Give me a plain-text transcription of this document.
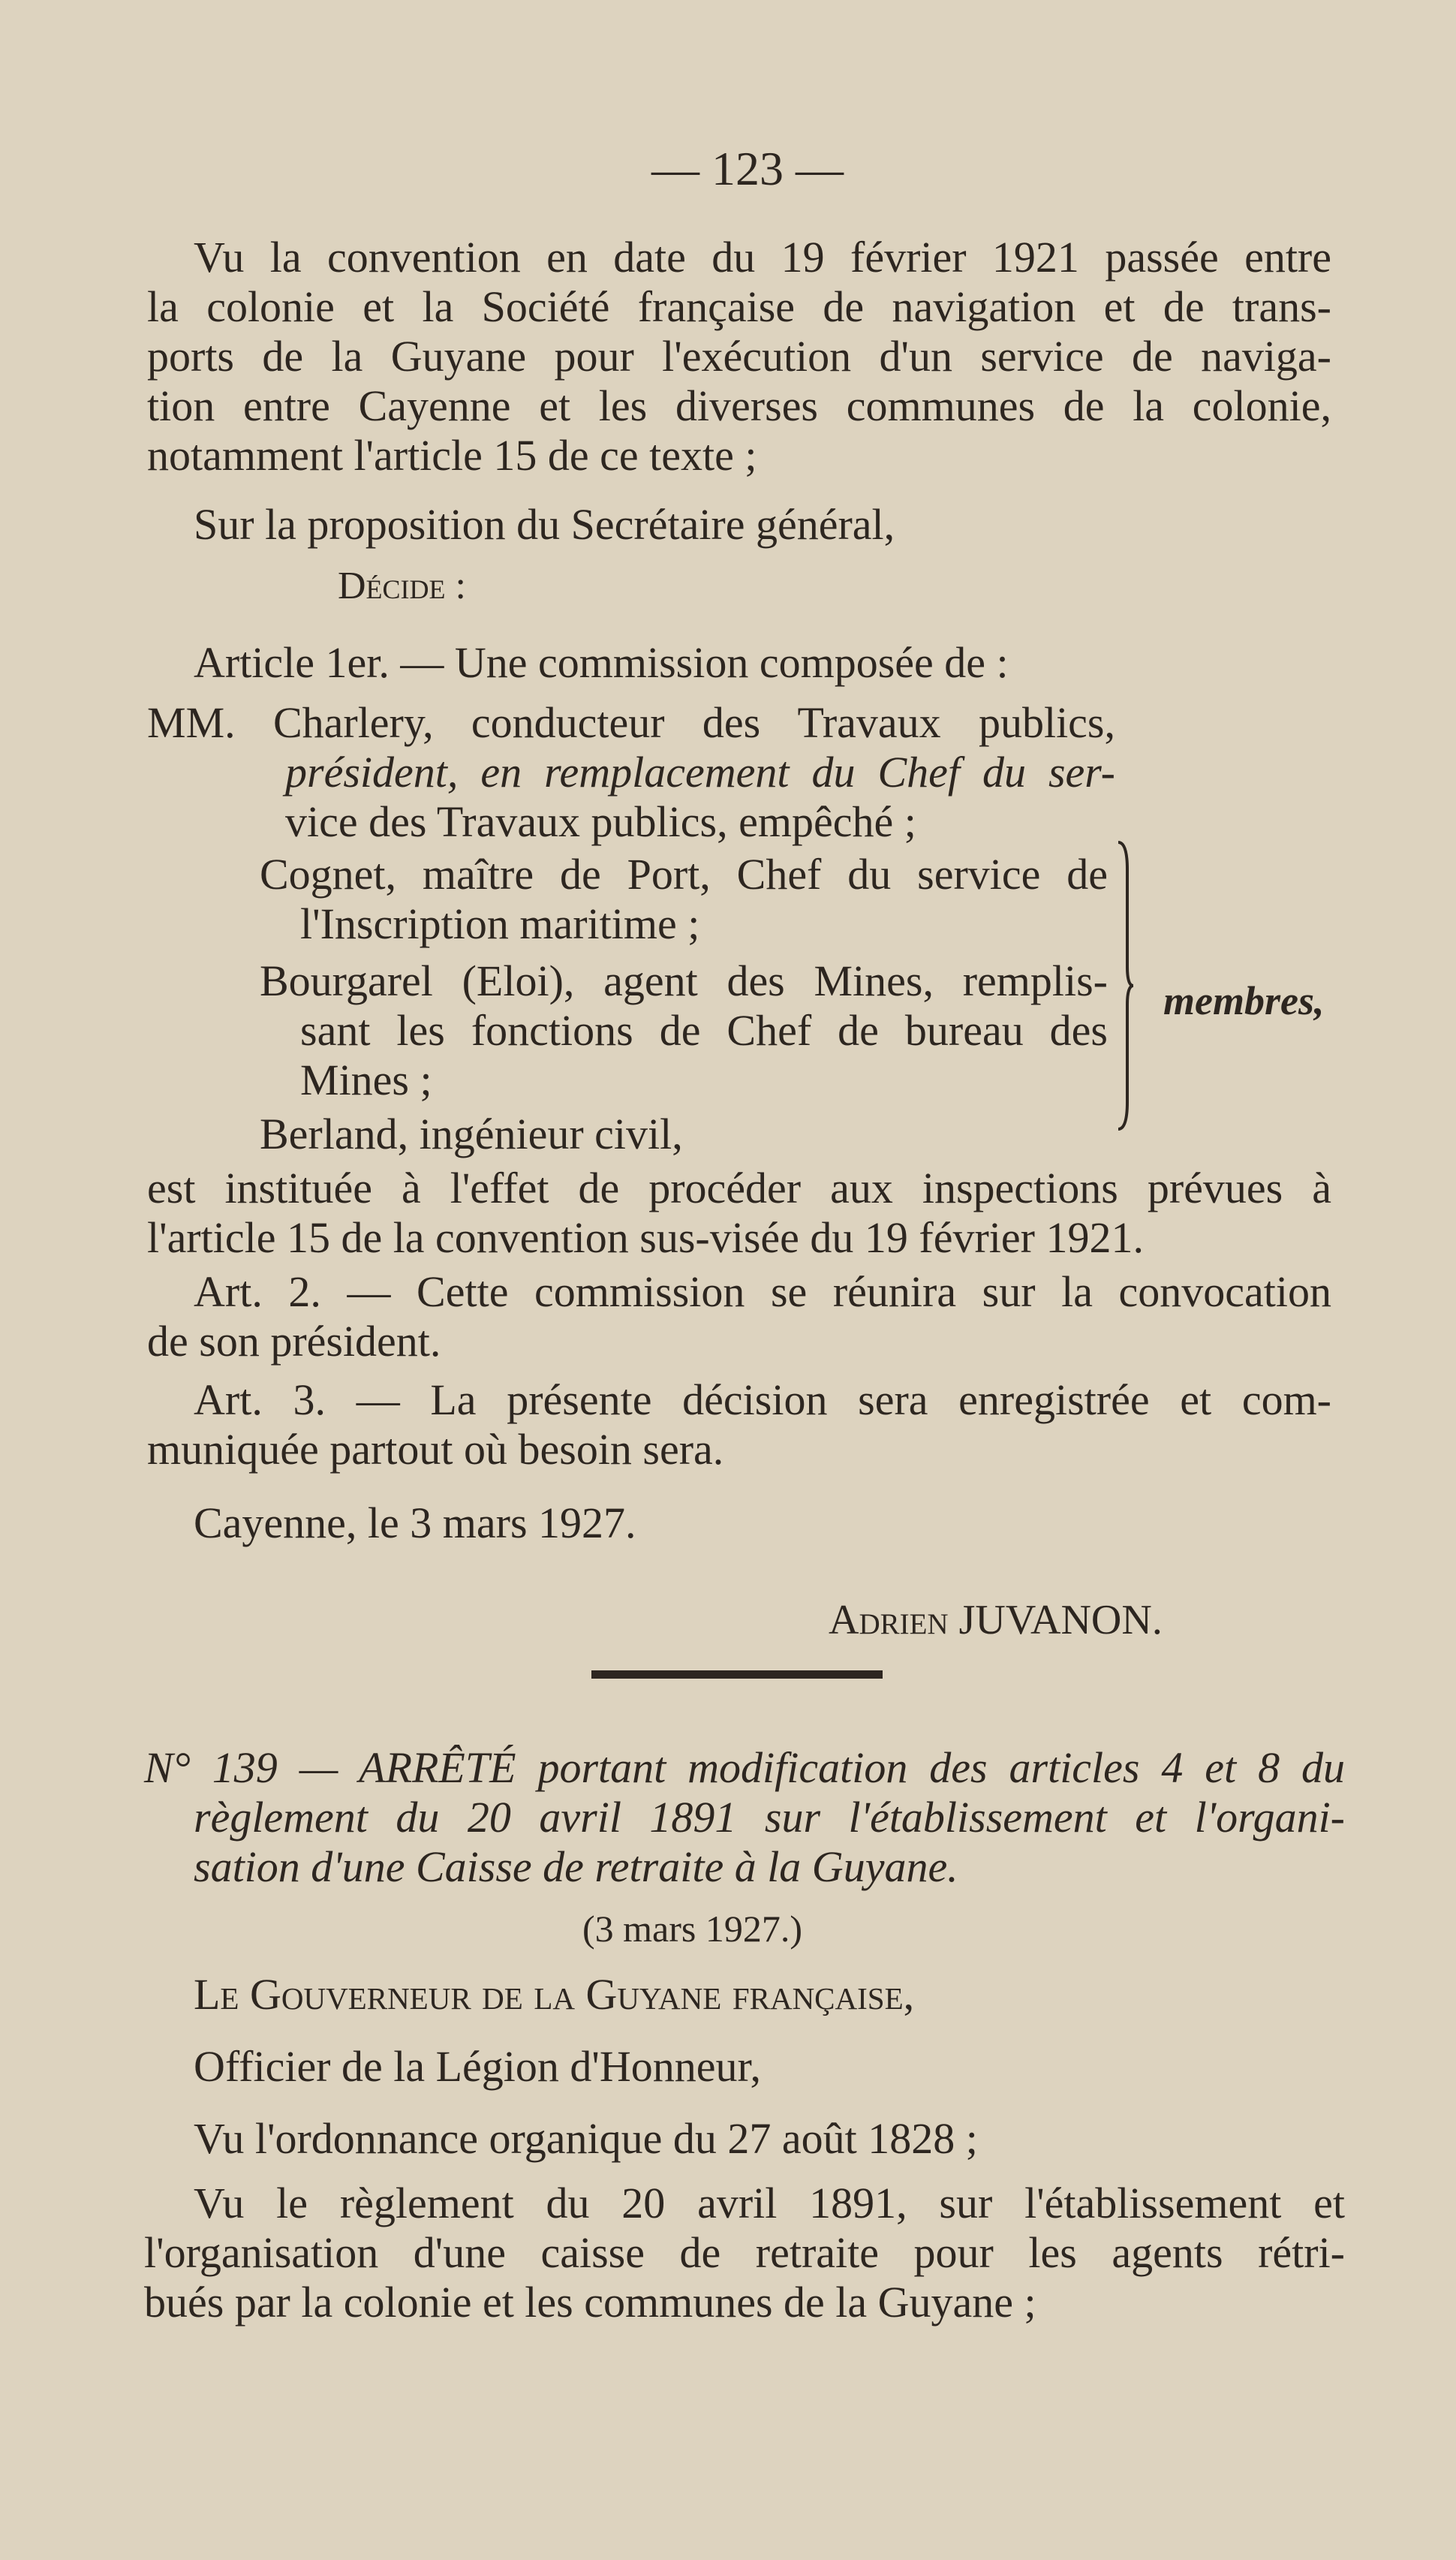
— 123 —
Vu la convention en date du 19 février 1921 passée entre
la colonie et la Société française de navigation et de trans-
ports de la Guyane pour l'exécution d'un service de naviga-
tion entre Cayenne et les diverses communes de la colonie,
notamment l'article 15 de ce texte ;
Sur la proposition du Secrétaire général,
Décide :
Article 1er. — Une commission composée de :
MM. Charlery, conducteur des Travaux publics,
président, en remplacement du Chef du ser-
vice des Travaux publics, empêché ;
Cognet, maître de Port, Chef du service de
l'Inscription maritime ;
Bourgarel (Eloi), agent des Mines, remplis-
sant les fonctions de Chef de bureau des
Mines ;
Berland, ingénieur civil,
membres,
est instituée à l'effet de procéder aux inspections prévues à
l'article 15 de la convention sus-visée du 19 février 1921.
Art. 2. — Cette commission se réunira sur la convocation
de son président.
Art. 3. — La présente décision sera enregistrée et com-
muniquée partout où besoin sera.
Cayenne, le 3 mars 1927.
Adrien JUVANON.
N° 139 — ARRÊTÉ portant modification des articles 4 et 8 du
règlement du 20 avril 1891 sur l'établissement et l'organi-
sation d'une Caisse de retraite à la Guyane.
(3 mars 1927.)
Le Gouverneur de la Guyane française,
Officier de la Légion d'Honneur,
Vu l'ordonnance organique du 27 août 1828 ;
Vu le règlement du 20 avril 1891, sur l'établissement et
l'organisation d'une caisse de retraite pour les agents rétri-
bués par la colonie et les communes de la Guyane ;
